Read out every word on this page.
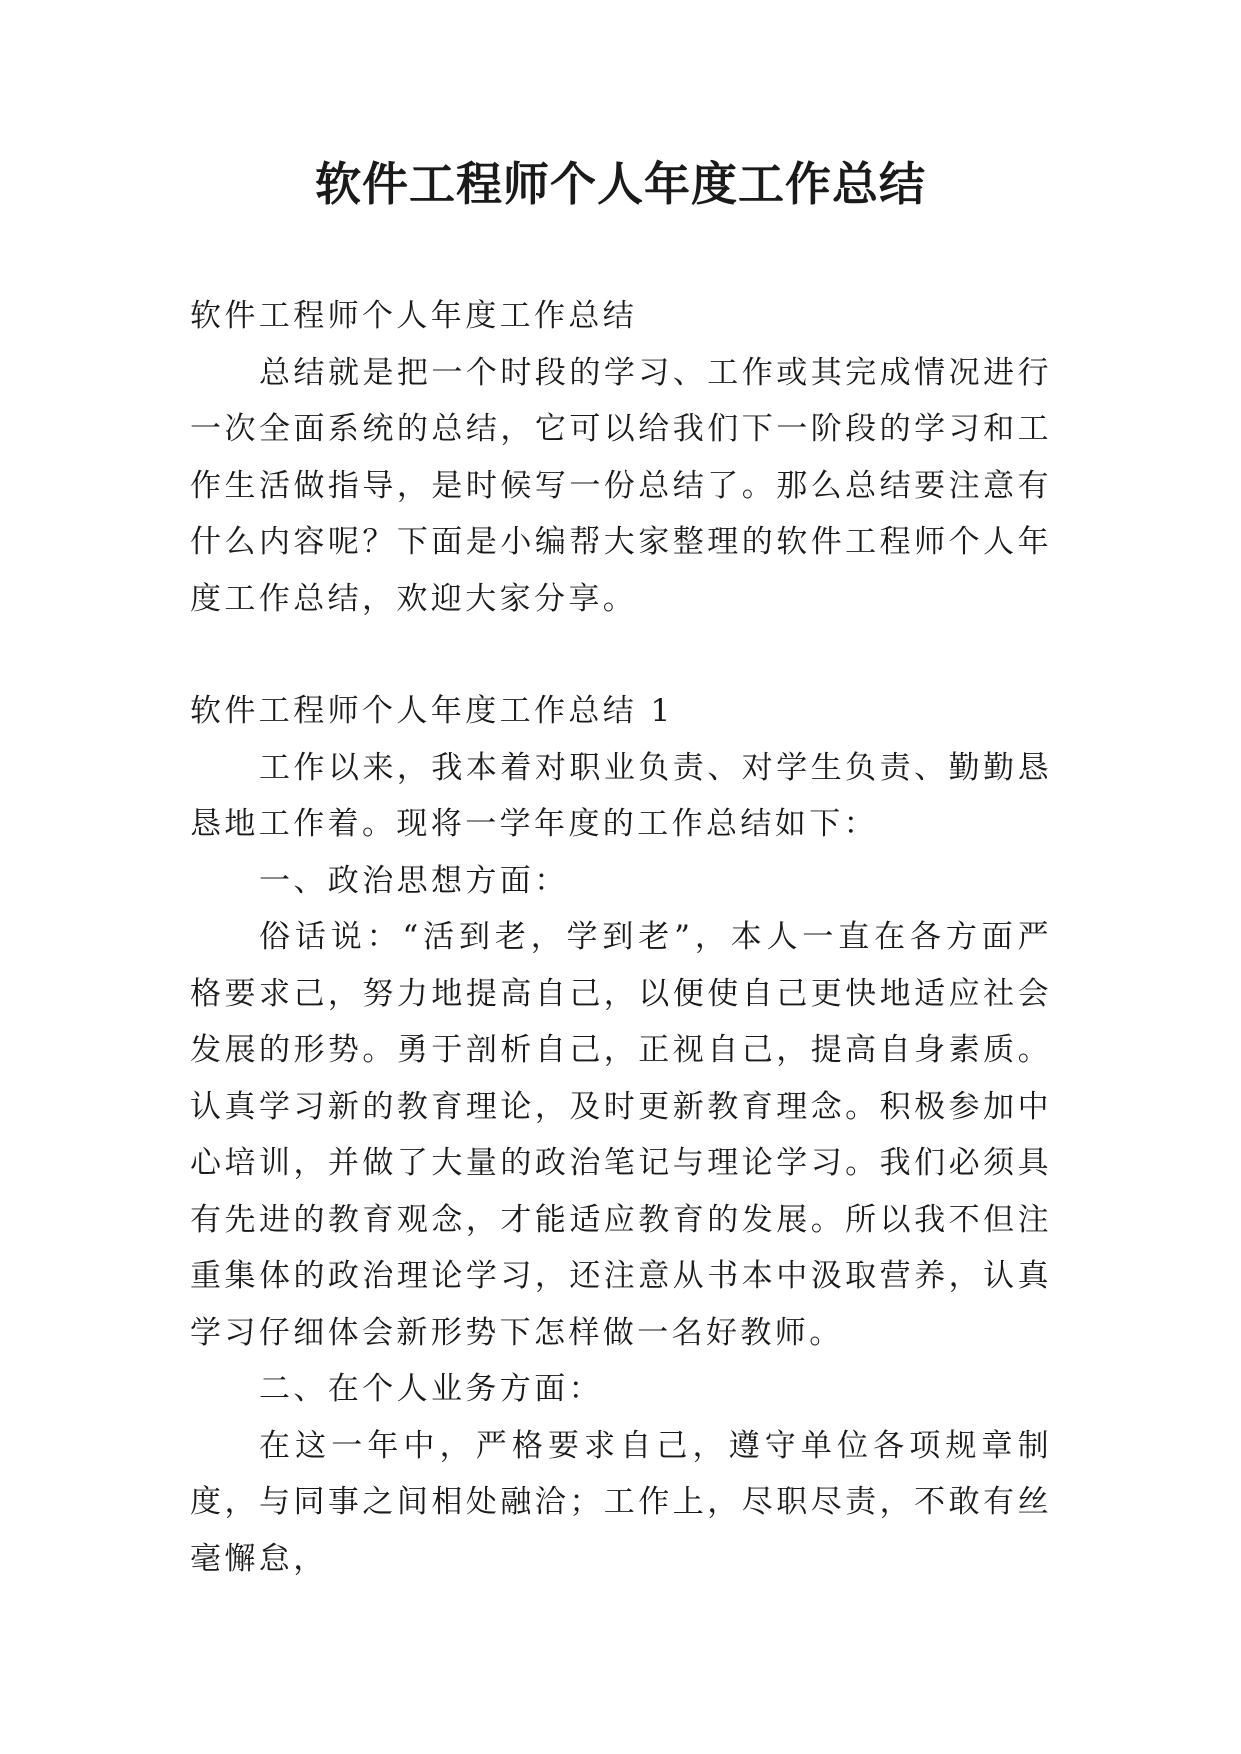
软件工程师个人年度工作总结

软件工程师个人年度工作总结

总结就是把一个时段的学习、工作或其完成情况进行一次全面系统的总结，它可以给我们下一阶段的学习和工作生活做指导，是时候写一份总结了。那么总结要注意有什么内容呢？下面是小编帮大家整理的软件工程师个人年度工作总结，欢迎大家分享。

软件工程师个人年度工作总结 1

工作以来，我本着对职业负责、对学生负责、勤勤恳恳地工作着。现将一学年度的工作总结如下：

一、政治思想方面：

俗话说：“活到老，学到老”，本人一直在各方面严格要求己，努力地提高自己，以便使自己更快地适应社会发展的形势。勇于剖析自己，正视自己，提高自身素质。认真学习新的教育理论，及时更新教育理念。积极参加中心培训，并做了大量的政治笔记与理论学习。我们必须具有先进的教育观念，才能适应教育的发展。所以我不但注重集体的政治理论学习，还注意从书本中汲取营养，认真学习仔细体会新形势下怎样做一名好教师。

二、在个人业务方面：

在这一年中，严格要求自己，遵守单位各项规章制度，与同事之间相处融洽；工作上，尽职尽责，不敢有丝毫懈怠，
